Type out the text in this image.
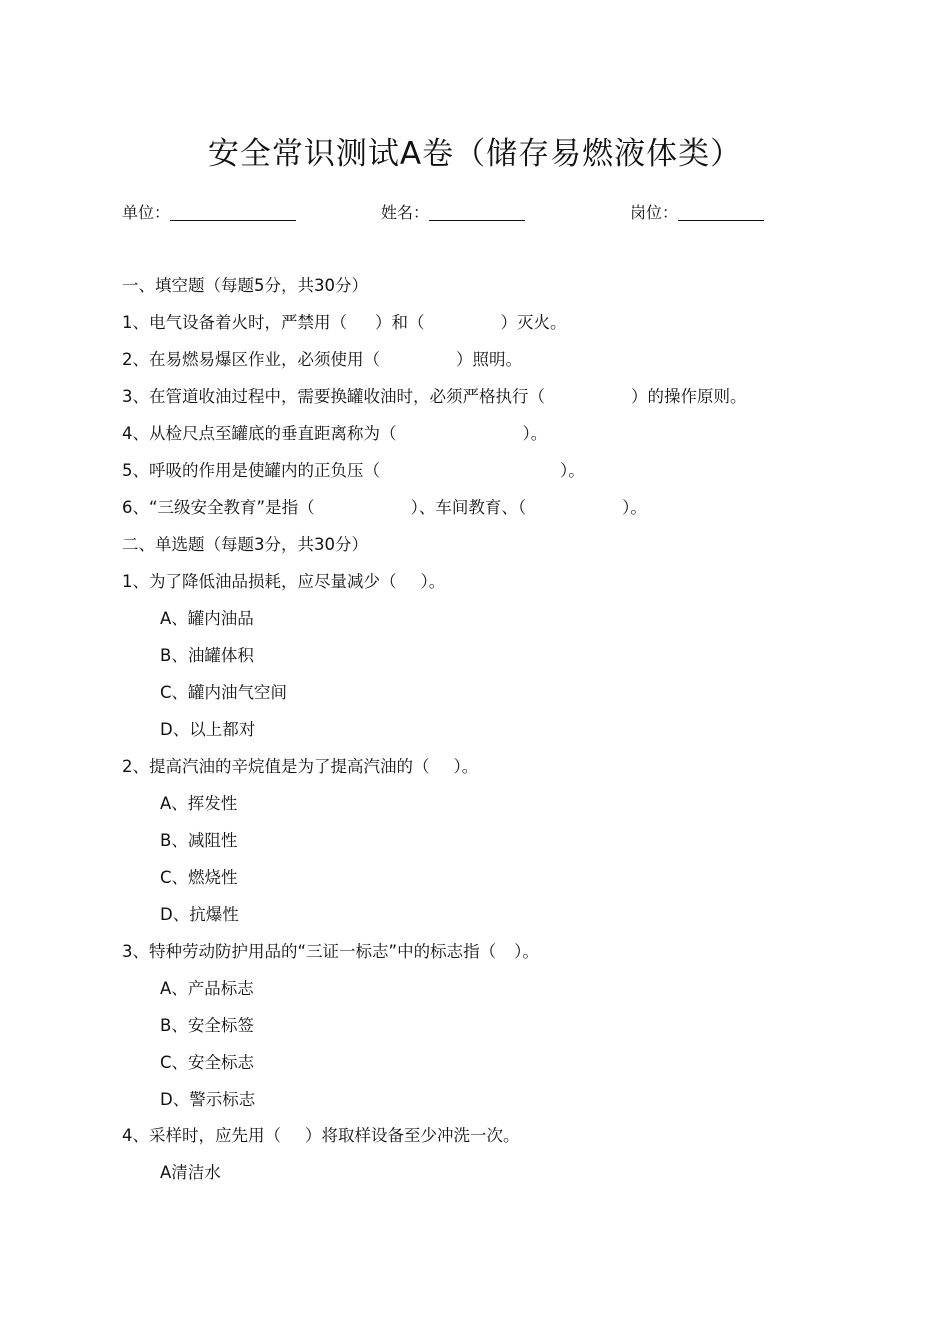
安全常识测试A卷（储存易燃液体类）
单位：	姓名：	岗位：
一、填空题（每题5分，共30分）
1、电气设备着火时，严禁用（ ）和（	）灭火。
2、在易燃易爆区作业，必须使用（	）照明。
3、在管道收油过程中，需要换罐收油时，必须严格执行（	）的操作原则。
4、从检尺点至罐底的垂直距离称为（	）。
5、呼吸的作用是使罐内的正负压（	）。
6、“三级安全教育”是指（	）、车间教育、（	）。
二、单选题（每题3分，共30分）
1、为了降低油品损耗，应尽量减少（ ）。
A、罐内油品
B、油罐体积
C、罐内油气空间
D、以上都对
2、提高汽油的辛烷值是为了提高汽油的（ ）。
A、挥发性
B、减阻性
C、燃烧性
D、抗爆性
3、特种劳动防护用品的“三证一标志”中的标志指（ ）。
A、产品标志
B、安全标签
C、安全标志
D、警示标志
4、采样时，应先用（ ）将取样设备至少冲洗一次。
A清洁水
